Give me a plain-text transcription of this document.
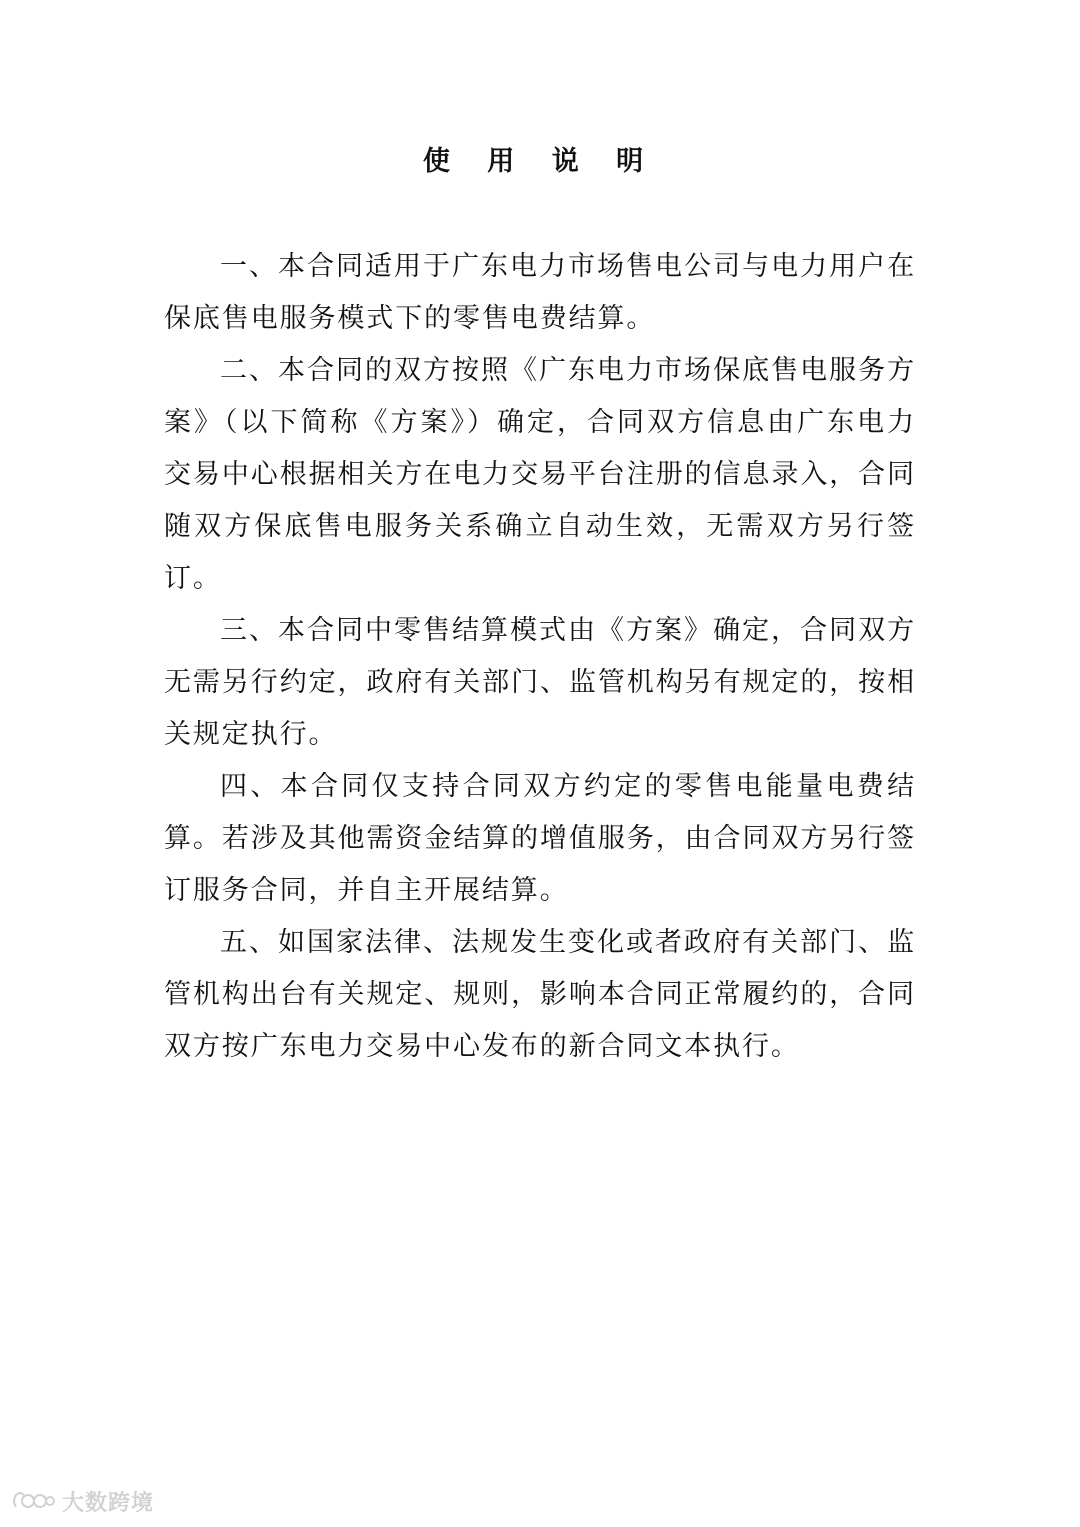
使 用 说 明

一、本合同适用于广东电力市场售电公司与电力用户在保底售电服务模式下的零售电费结算。

二、本合同的双方按照《广东电力市场保底售电服务方案》（以下简称《方案》）确定，合同双方信息由广东电力交易中心根据相关方在电力交易平台注册的信息录入，合同随双方保底售电服务关系确立自动生效，无需双方另行签订。

三、本合同中零售结算模式由《方案》确定，合同双方无需另行约定，政府有关部门、监管机构另有规定的，按相关规定执行。

四、本合同仅支持合同双方约定的零售电能量电费结算。若涉及其他需资金结算的增值服务，由合同双方另行签订服务合同，并自主开展结算。

五、如国家法律、法规发生变化或者政府有关部门、监管机构出台有关规定、规则，影响本合同正常履约的，合同双方按广东电力交易中心发布的新合同文本执行。

大数跨境
